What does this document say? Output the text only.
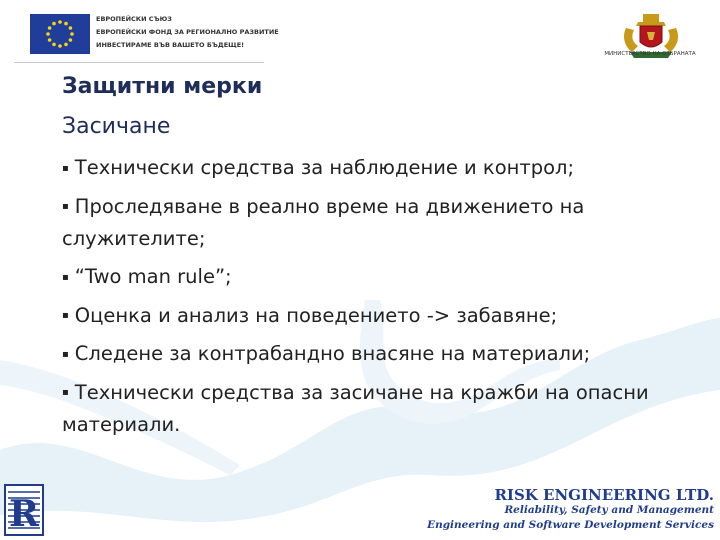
ЕВРОПЕЙСКИ СЪЮЗ
ЕВРОПЕЙСКИ ФОНД ЗА РЕГИОНАЛНО РАЗВИТИЕ
ИНВЕСТИРАМЕ ВЪВ ВАШЕТО БЪДЕЩЕ!
МИНИСТЕРСТВО НА ОТБРАНАТА
Защитни мерки
Засичане
▪ Технически средства за наблюдение и контрол;
▪ Проследяване в реално време на движението на служителите;
▪ “Two man rule”;
▪ Оценка и анализ на поведението -> забавяне;
▪ Следене за контрабандно внасяне на материали;
▪ Технически средства за засичане на кражби на опасни материали.
R	RISK ENGINEERING LTD.
Reliability, Safety and Management
Engineering and Software Development Services
